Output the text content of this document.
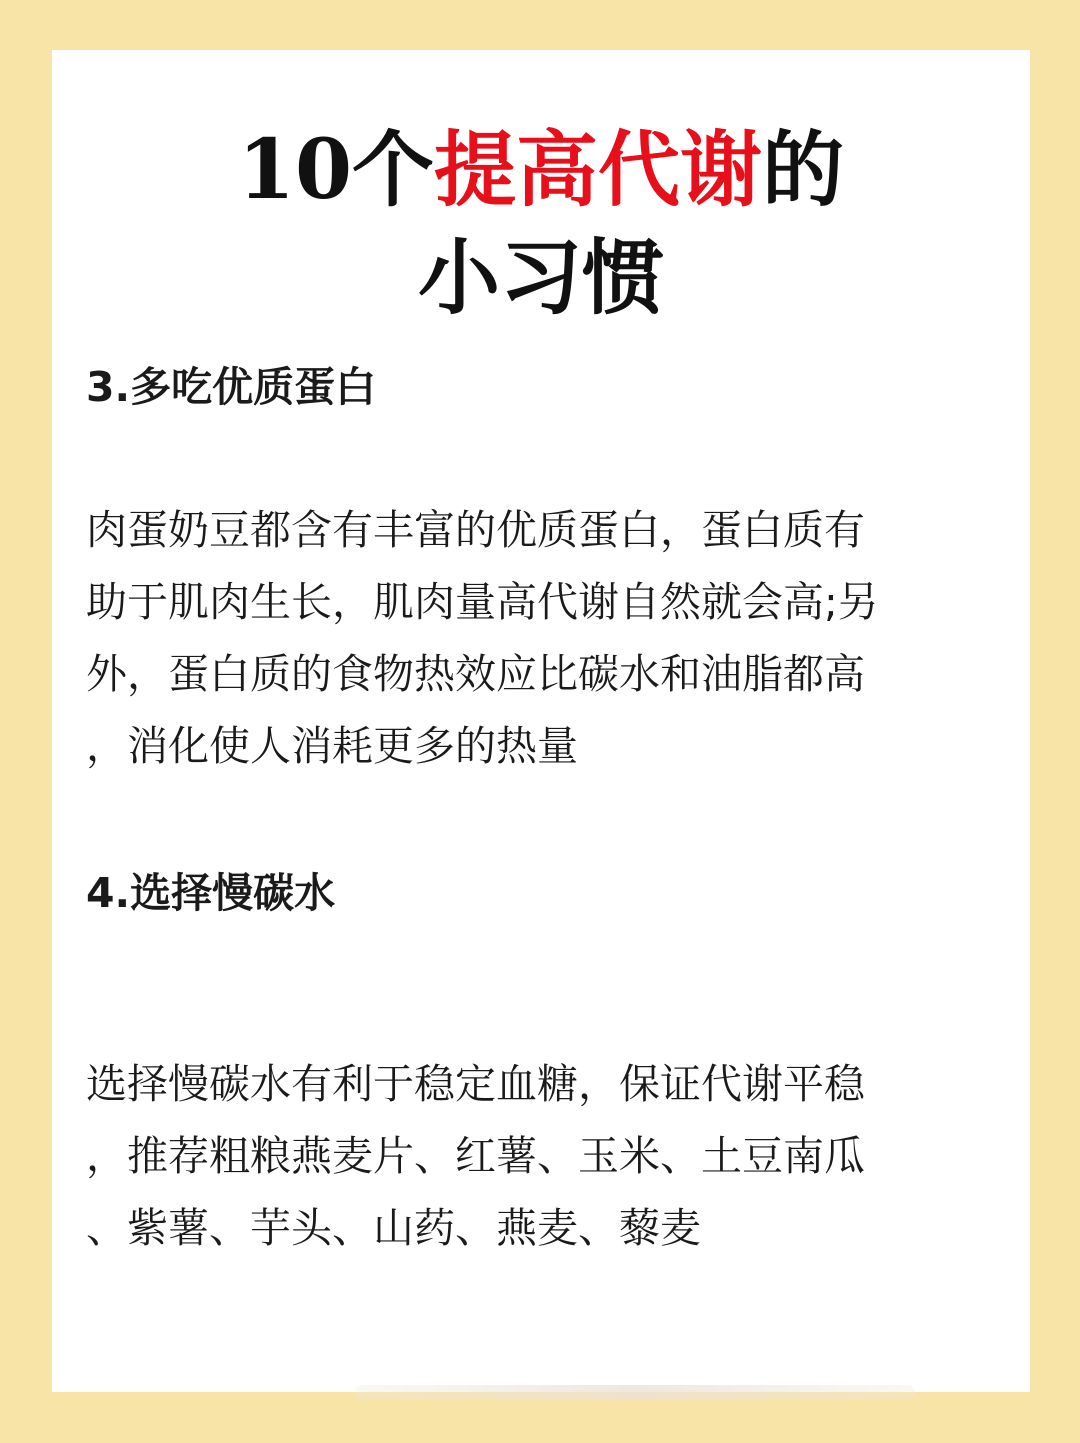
10个提高代谢的
小习惯
3.多吃优质蛋白

肉蛋奶豆都含有丰富的优质蛋白，蛋白质有
助于肌肉生长，肌肉量高代谢自然就会高;另
外，蛋白质的食物热效应比碳水和油脂都高
，消化使人消耗更多的热量

4.选择慢碳水

选择慢碳水有利于稳定血糖，保证代谢平稳
，推荐粗粮燕麦片、红薯、玉米、土豆南瓜
、紫薯、芋头、山药、燕麦、藜麦
